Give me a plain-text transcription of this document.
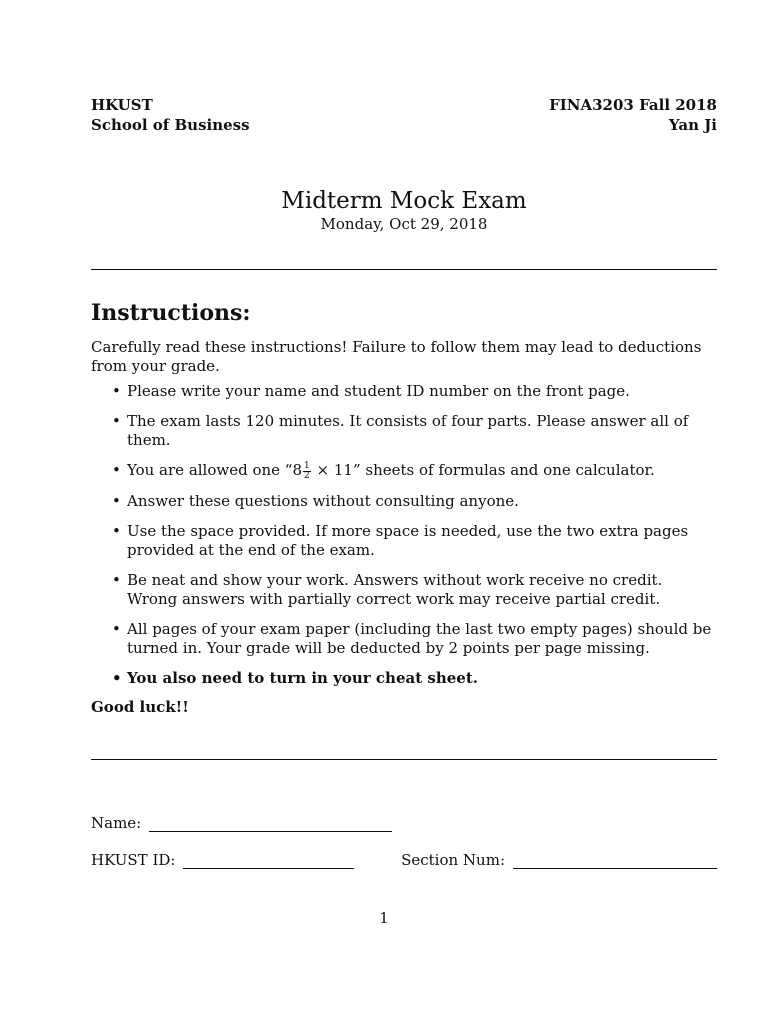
HKUST
School of Business
FINA3203 Fall 2018
Yan Ji
Midterm Mock Exam
Monday, Oct 29, 2018
Instructions:
Carefully read these instructions! Failure to follow them may lead to deductions from your grade.
• Please write your name and student ID number on the front page.
• The exam lasts 120 minutes. It consists of four parts. Please answer all of them.
• You are allowed one “$8 \frac{1}{2} \times 11$” sheets of formulas and one calculator.
• Answer these questions without consulting anyone.
• Use the space provided. If more space is needed, use the two extra pages provided at the end of the exam.
• Be neat and show your work. Answers without work receive no credit. Wrong answers with partially correct work may receive partial credit.
• All pages of your exam paper (including the last two empty pages) should be turned in. Your grade will be deducted by 2 points per page missing.
• You also need to turn in your cheat sheet.
Good luck!!
Name:
HKUST ID:	Section Num:
1
